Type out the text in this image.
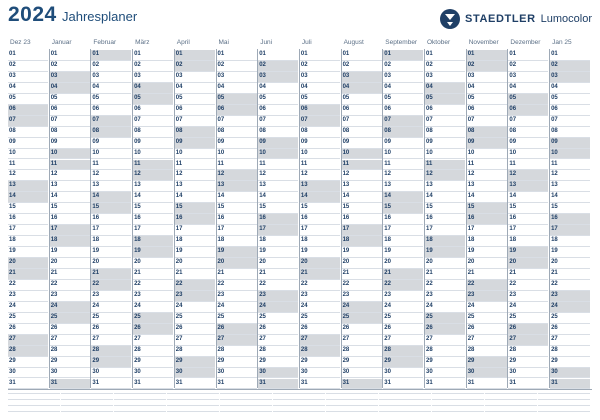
2024 Jahresplaner	STAEDTLER Lumocolor
Dez 23
01
02
03
04
05
06
07
08
09
10
11
12
13
14
15
16
17
18
19
20
21
22
23
24
25
26
27
28
29
30
31
Januar
01
02
03
04
05
06
07
08
09
10
11
12
13
14
15
16
17
18
19
20
21
22
23
24
25
26
27
28
29
30
31
Februar
01
02
03
04
05
06
07
08
09
10
11
12
13
14
15
16
17
18
19
20
21
22
23
24
25
26
27
28
29
30
31
März
01
02
03
04
05
06
07
08
09
10
11
12
13
14
15
16
17
18
19
20
21
22
23
24
25
26
27
28
29
30
31
April
01
02
03
04
05
06
07
08
09
10
11
12
13
14
15
16
17
18
19
20
21
22
23
24
25
26
27
28
29
30
31
Mai
01
02
03
04
05
06
07
08
09
10
11
12
13
14
15
16
17
18
19
20
21
22
23
24
25
26
27
28
29
30
31
Juni
01
02
03
04
05
06
07
08
09
10
11
12
13
14
15
16
17
18
19
20
21
22
23
24
25
26
27
28
29
30
31
Juli
01
02
03
04
05
06
07
08
09
10
11
12
13
14
15
16
17
18
19
20
21
22
23
24
25
26
27
28
29
30
31
August
01
02
03
04
05
06
07
08
09
10
11
12
13
14
15
16
17
18
19
20
21
22
23
24
25
26
27
28
29
30
31
September
01
02
03
04
05
06
07
08
09
10
11
12
13
14
15
16
17
18
19
20
21
22
23
24
25
26
27
28
29
30
31
Oktober
01
02
03
04
05
06
07
08
09
10
11
12
13
14
15
16
17
18
19
20
21
22
23
24
25
26
27
28
29
30
31
November
01
02
03
04
05
06
07
08
09
10
11
12
13
14
15
16
17
18
19
20
21
22
23
24
25
26
27
28
29
30
31
Dezember
01
02
03
04
05
06
07
08
09
10
11
12
13
14
15
16
17
18
19
20
21
22
23
24
25
26
27
28
29
30
31
Jan 25
01
02
03
04
05
06
07
08
09
10
11
12
13
14
15
16
17
18
19
20
21
22
23
24
25
26
27
28
29
30
31
